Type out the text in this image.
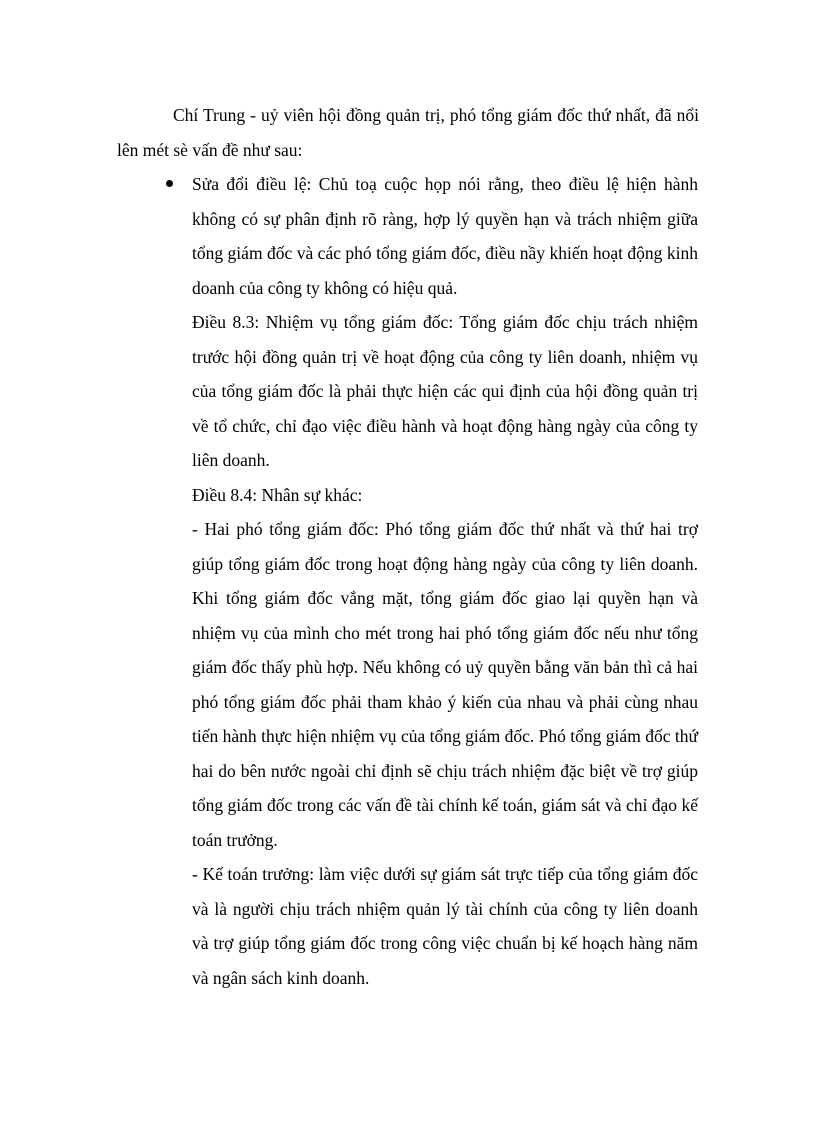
Chí Trung - uỷ viên hội đồng quản trị, phó tổng giám đốc thứ nhất, đã nổi lên mét sè vấn đề như sau:

Sửa đổi điều lệ: Chủ toạ cuộc họp nói rằng, theo điều lệ hiện hành không có sự phân định rõ ràng, hợp lý quyền hạn và trách nhiệm giữa tổng giám đốc và các phó tổng giám đốc, điều nầy khiến hoạt động kinh doanh của công ty không có hiệu quả.

Điều 8.3: Nhiệm vụ tổng giám đốc: Tổng giám đốc chịu trách nhiệm trước hội đồng quản trị về hoạt động của công ty liên doanh, nhiệm vụ của tổng giám đốc là phải thực hiện các qui định của hội đồng quản trị về tổ chức, chỉ đạo việc điều hành và hoạt động hàng ngày của công ty liên doanh.

Điều 8.4: Nhân sự khác:

- Hai phó tổng giám đốc: Phó tổng giám đốc thứ nhất và thứ hai trợ giúp tổng giám đốc trong hoạt động hàng ngày của công ty liên doanh. Khi tổng giám đốc vắng mặt, tổng giám đốc giao lại quyền hạn và nhiệm vụ của mình cho mét trong hai phó tổng giám đốc nếu như tổng giám đốc thấy phù hợp. Nếu không có uỷ quyền bằng văn bản thì cả hai phó tổng giám đốc phải tham khảo ý kiến của nhau và phải cùng nhau tiến hành thực hiện nhiệm vụ của tổng giám đốc. Phó tổng giám đốc thứ hai do bên nước ngoài chỉ định sẽ chịu trách nhiệm đặc biệt về trợ giúp tổng giám đốc trong các vấn đề tài chính kế toán, giám sát và chỉ đạo kế toán trưởng.

- Kế toán trưởng: làm việc dưới sự giám sát trực tiếp của tổng giám đốc và là người chịu trách nhiệm quản lý tài chính của công ty liên doanh và trợ giúp tổng giám đốc trong công việc chuẩn bị kế hoạch hàng năm và ngân sách kinh doanh.
